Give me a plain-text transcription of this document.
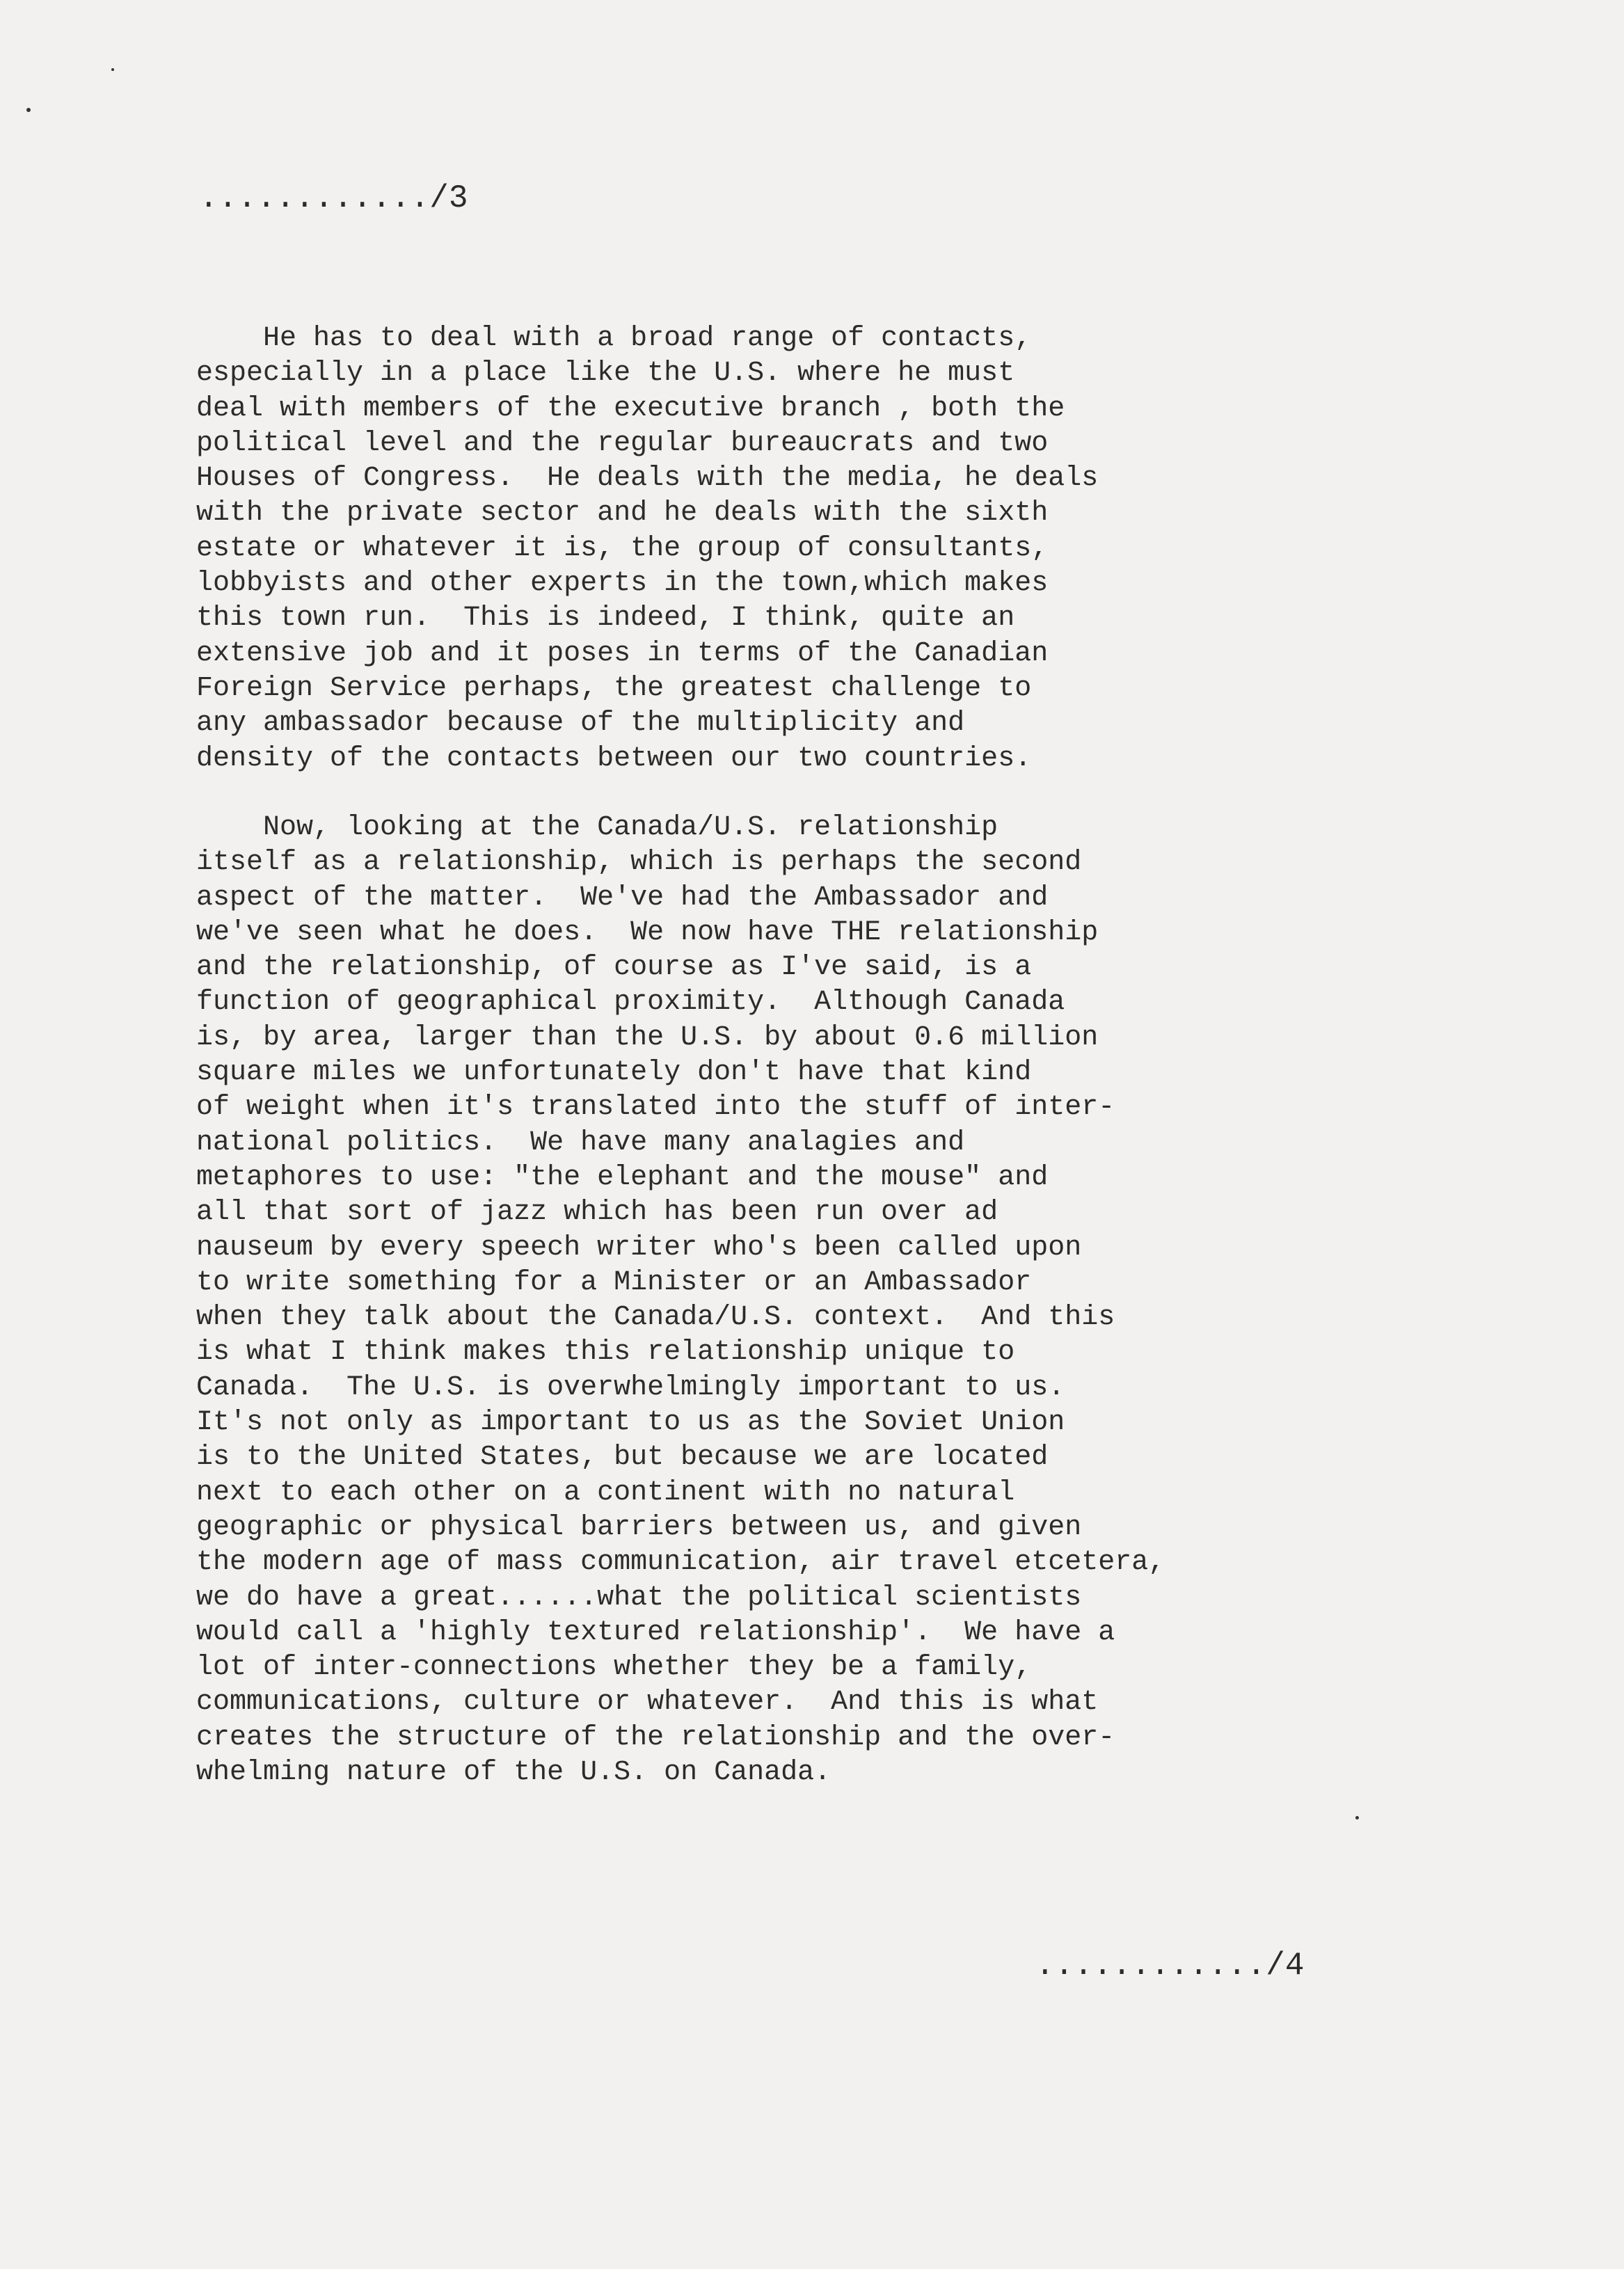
............/3
He has to deal with a broad range of contacts,
especially in a place like the U.S. where he must
deal with members of the executive branch , both the
political level and the regular bureaucrats and two
Houses of Congress.  He deals with the media, he deals
with the private sector and he deals with the sixth
estate or whatever it is, the group of consultants,
lobbyists and other experts in the town,which makes
this town run.  This is indeed, I think, quite an
extensive job and it poses in terms of the Canadian
Foreign Service perhaps, the greatest challenge to
any ambassador because of the multiplicity and
density of the contacts between our two countries.
Now, looking at the Canada/U.S. relationship
itself as a relationship, which is perhaps the second
aspect of the matter.  We've had the Ambassador and
we've seen what he does.  We now have THE relationship
and the relationship, of course as I've said, is a
function of geographical proximity.  Although Canada
is, by area, larger than the U.S. by about 0.6 million
square miles we unfortunately don't have that kind
of weight when it's translated into the stuff of inter-
national politics.  We have many analagies and
metaphores to use: "the elephant and the mouse" and
all that sort of jazz which has been run over ad
nauseum by every speech writer who's been called upon
to write something for a Minister or an Ambassador
when they talk about the Canada/U.S. context.  And this
is what I think makes this relationship unique to
Canada.  The U.S. is overwhelmingly important to us.
It's not only as important to us as the Soviet Union
is to the United States, but because we are located
next to each other on a continent with no natural
geographic or physical barriers between us, and given
the modern age of mass communication, air travel etcetera,
we do have a great......what the political scientists
would call a 'highly textured relationship'.  We have a
lot of inter-connections whether they be a family,
communications, culture or whatever.  And this is what
creates the structure of the relationship and the over-
whelming nature of the U.S. on Canada.
............/4
